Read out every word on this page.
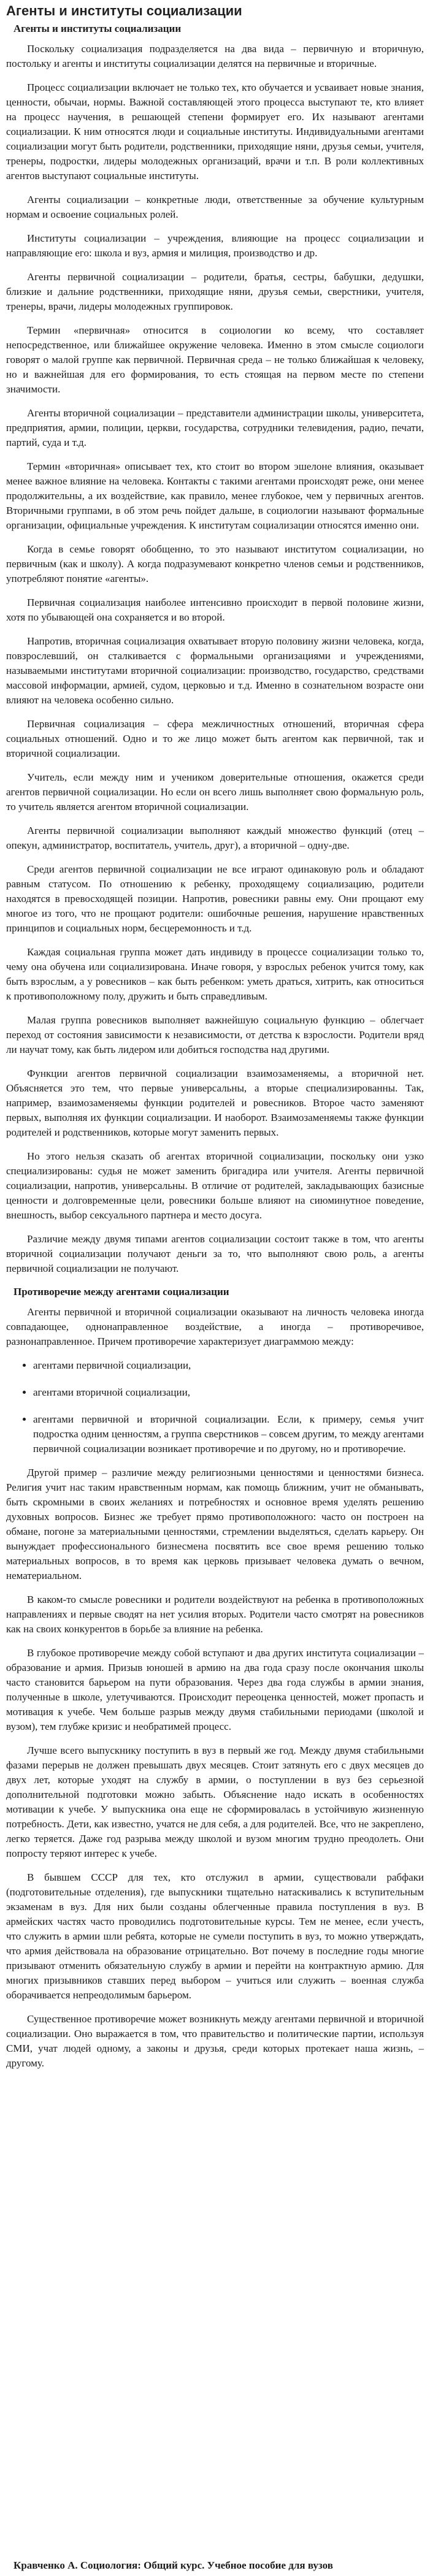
Агенты и институты социализации
Агенты и институты социализации

Поскольку социализация подразделяется на два вида – первичную и вторичную, постольку и агенты и институты социализации делятся на первичные и вторичные.

Процесс социализации включает не только тех, кто обучается и усваивает новые знания, ценности, обычаи, нормы. Важной составляющей этого процесса выступают те, кто влияет на процесс научения, в решающей степени формирует его. Их называют агентами социализации. К ним относятся люди и социальные институты. Индивидуальными агентами социализации могут быть родители, родственники, приходящие няни, друзья семьи, учителя, тренеры, подростки, лидеры молодежных организаций, врачи и т.п. В роли коллективных агентов выступают социальные институты.

Агенты социализации – конкретные люди, ответственные за обучение культурным нормам и освоение социальных ролей.

Институты социализации – учреждения, влияющие на процесс социализации и направляющие его: школа и вуз, армия и милиция, производство и др.

Агенты первичной социализации – родители, братья, сестры, бабушки, дедушки, близкие и дальние родственники, приходящие няни, друзья семьи, сверстники, учителя, тренеры, врачи, лидеры молодежных группировок.

Термин «первичная» относится в социологии ко всему, что составляет непосредственное, или ближайшее окружение человека. Именно в этом смысле социологи говорят о малой группе как первичной. Первичная среда – не только ближайшая к человеку, но и важнейшая для его формирования, то есть стоящая на первом месте по степени значимости.

Агенты вторичной социализации – представители администрации школы, университета, предприятия, армии, полиции, церкви, государства, сотрудники телевидения, радио, печати, партий, суда и т.д.

Термин «вторичная» описывает тех, кто стоит во втором эшелоне влияния, оказывает менее важное влияние на человека. Контакты с такими агентами происходят реже, они менее продолжительны, а их воздействие, как правило, менее глубокое, чем у первичных агентов. Вторичными группами, в об этом речь пойдет дальше, в социологии называют формальные организации, официальные учреждения. К институтам социализации относятся именно они.

Когда в семье говорят обобщенно, то это называют институтом социализации, но первичным (как и школу). А когда подразумевают конкретно членов семьи и родственников, употребляют понятие «агенты».

Первичная социализация наиболее интенсивно происходит в первой половине жизни, хотя по убывающей она сохраняется и во второй.

Напротив, вторичная социализация охватывает вторую половину жизни человека, когда, повзрослевший, он сталкивается с формальными организациями и учреждениями, называемыми институтами вторичной социализации: производство, государство, средствами массовой информации, армией, судом, церковью и т.д. Именно в сознательном возрасте они влияют на человека особенно сильно.

Первичная социализация – сфера межличностных отношений, вторичная сфера социальных отношений. Одно и то же лицо может быть агентом как первичной, так и вторичной социализации.

Учитель, если между ним и учеником доверительные отношения, окажется среди агентов первичной социализации. Но если он всего лишь выполняет свою формальную роль, то учитель является агентом вторичной социализации.

Агенты первичной социализации выполняют каждый множество функций (отец – опекун, администратор, воспитатель, учитель, друг), а вторичной – одну-две.

Среди агентов первичной социализации не все играют одинаковую роль и обладают равным статусом. По отношению к ребенку, проходящему социализацию, родители находятся в превосходящей позиции. Напротив, ровесники равны ему. Они прощают ему многое из того, что не прощают родители: ошибочные решения, нарушение нравственных принципов и социальных норм, бесцеремонность и т.д.

Каждая социальная группа может дать индивиду в процессе социализации только то, чему она обучена или социализирована. Иначе говоря, у взрослых ребенок учится тому, как быть взрослым, а у ровесников – как быть ребенком: уметь драться, хитрить, как относиться к противоположному полу, дружить и быть справедливым.

Малая группа ровесников выполняет важнейшую социальную функцию – облегчает переход от состояния зависимости к независимости, от детства к взрослости. Родители вряд ли научат тому, как быть лидером или добиться господства над другими.

Функции агентов первичной социализации взаимозаменяемы, а вторичной нет. Объясняется это тем, что первые универсальны, а вторые специализированны. Так, например, взаимозаменяемы функции родителей и ровесников. Второе часто заменяют первых, выполняя их функции социализации. И наоборот. Взаимозаменяемы также функции родителей и родственников, которые могут заменить первых.

Но этого нельзя сказать об агентах вторичной социализации, поскольку они узко специализированы: судья не может заменить бригадира или учителя. Агенты первичной социализации, напротив, универсальны. В отличие от родителей, закладывающих базисные ценности и долговременные цели, ровесники больше влияют на сиюминутное поведение, внешность, выбор сексуального партнера и место досуга.

Различие между двумя типами агентов социализации состоит также в том, что агенты вторичной социализации получают деньги за то, что выполняют свою роль, а агенты первичной социализации не получают.

Противоречие между агентами социализации

Агенты первичной и вторичной социализации оказывают на личность человека иногда совпадающее, однонаправленное воздействие, а иногда – противоречивое, разнонаправленное. Причем противоречие характеризует диаграммою между:

• агентами первичной социализации,
• агентами вторичной социализации,
• агентами первичной и вторичной социализации. Если, к примеру, семья учит подростка одним ценностям, а группа сверстников – совсем другим, то между агентами первичной социализации возникает противоречие и по другому, но и противоречие.

Другой пример – различие между религиозными ценностями и ценностями бизнеса. Религия учит нас таким нравственным нормам, как помощь ближним, учит не обманывать, быть скромными в своих желаниях и потребностях и основное время уделять решению духовных вопросов. Бизнес же требует прямо противоположного: часто он построен на обмане, погоне за материальными ценностями, стремлении выделяться, сделать карьеру. Он вынуждает профессионального бизнесмена посвятить все свое время решению только материальных вопросов, в то время как церковь призывает человека думать о вечном, нематериальном.

В каком-то смысле ровесники и родители воздействуют на ребенка в противоположных направлениях и первые сводят на нет усилия вторых. Родители часто смотрят на ровесников как на своих конкурентов в борьбе за влияние на ребенка.

В глубокое противоречие между собой вступают и два других института социализации – образование и армия. Призыв юношей в армию на два года сразу после окончания школы часто становится барьером на пути образования. Через два года службы в армии знания, полученные в школе, улетучиваются. Происходит переоценка ценностей, может пропасть и мотивация к учебе. Чем больше разрыв между двумя стабильными периодами (школой и вузом), тем глубже кризис и необратимей процесс.

Лучше всего выпускнику поступить в вуз в первый же год. Между двумя стабильными фазами перерыв не должен превышать двух месяцев. Стоит затянуть его с двух месяцев до двух лет, которые уходят на службу в армии, о поступлении в вуз без серьезной дополнительной подготовки можно забыть. Объяснение надо искать в особенностях мотивации к учебе. У выпускника она еще не сформировалась в устойчивую жизненную потребность. Дети, как известно, учатся не для себя, а для родителей. Все, что не закреплено, легко теряется. Даже год разрыва между школой и вузом многим трудно преодолеть. Они попросту теряют интерес к учебе.

В бывшем СССР для тех, кто отслужил в армии, существовали рабфаки (подготовительные отделения), где выпускники тщательно натаскивались к вступительным экзаменам в вуз. Для них были созданы облегченные правила поступления в вуз. В армейских частях часто проводились подготовительные курсы. Тем не менее, если учесть, что служить в армии шли ребята, которые не сумели поступить в вуз, то можно утверждать, что армия действовала на образование отрицательно. Вот почему в последние годы многие призывают отменить обязательную службу в армии и перейти на контрактную армию. Для многих призывников ставших перед выбором – учиться или служить – военная служба оборачивается непреодолимым барьером.

Существенное противоречие может возникнуть между агентами первичной и вторичной социализации. Оно выражается в том, что правительство и политические партии, используя СМИ, учат людей одному, а законы и друзья, среди которых протекает наша жизнь, – другому.

Кравченко А. Социология: Общий курс. Учебное пособие для вузов
